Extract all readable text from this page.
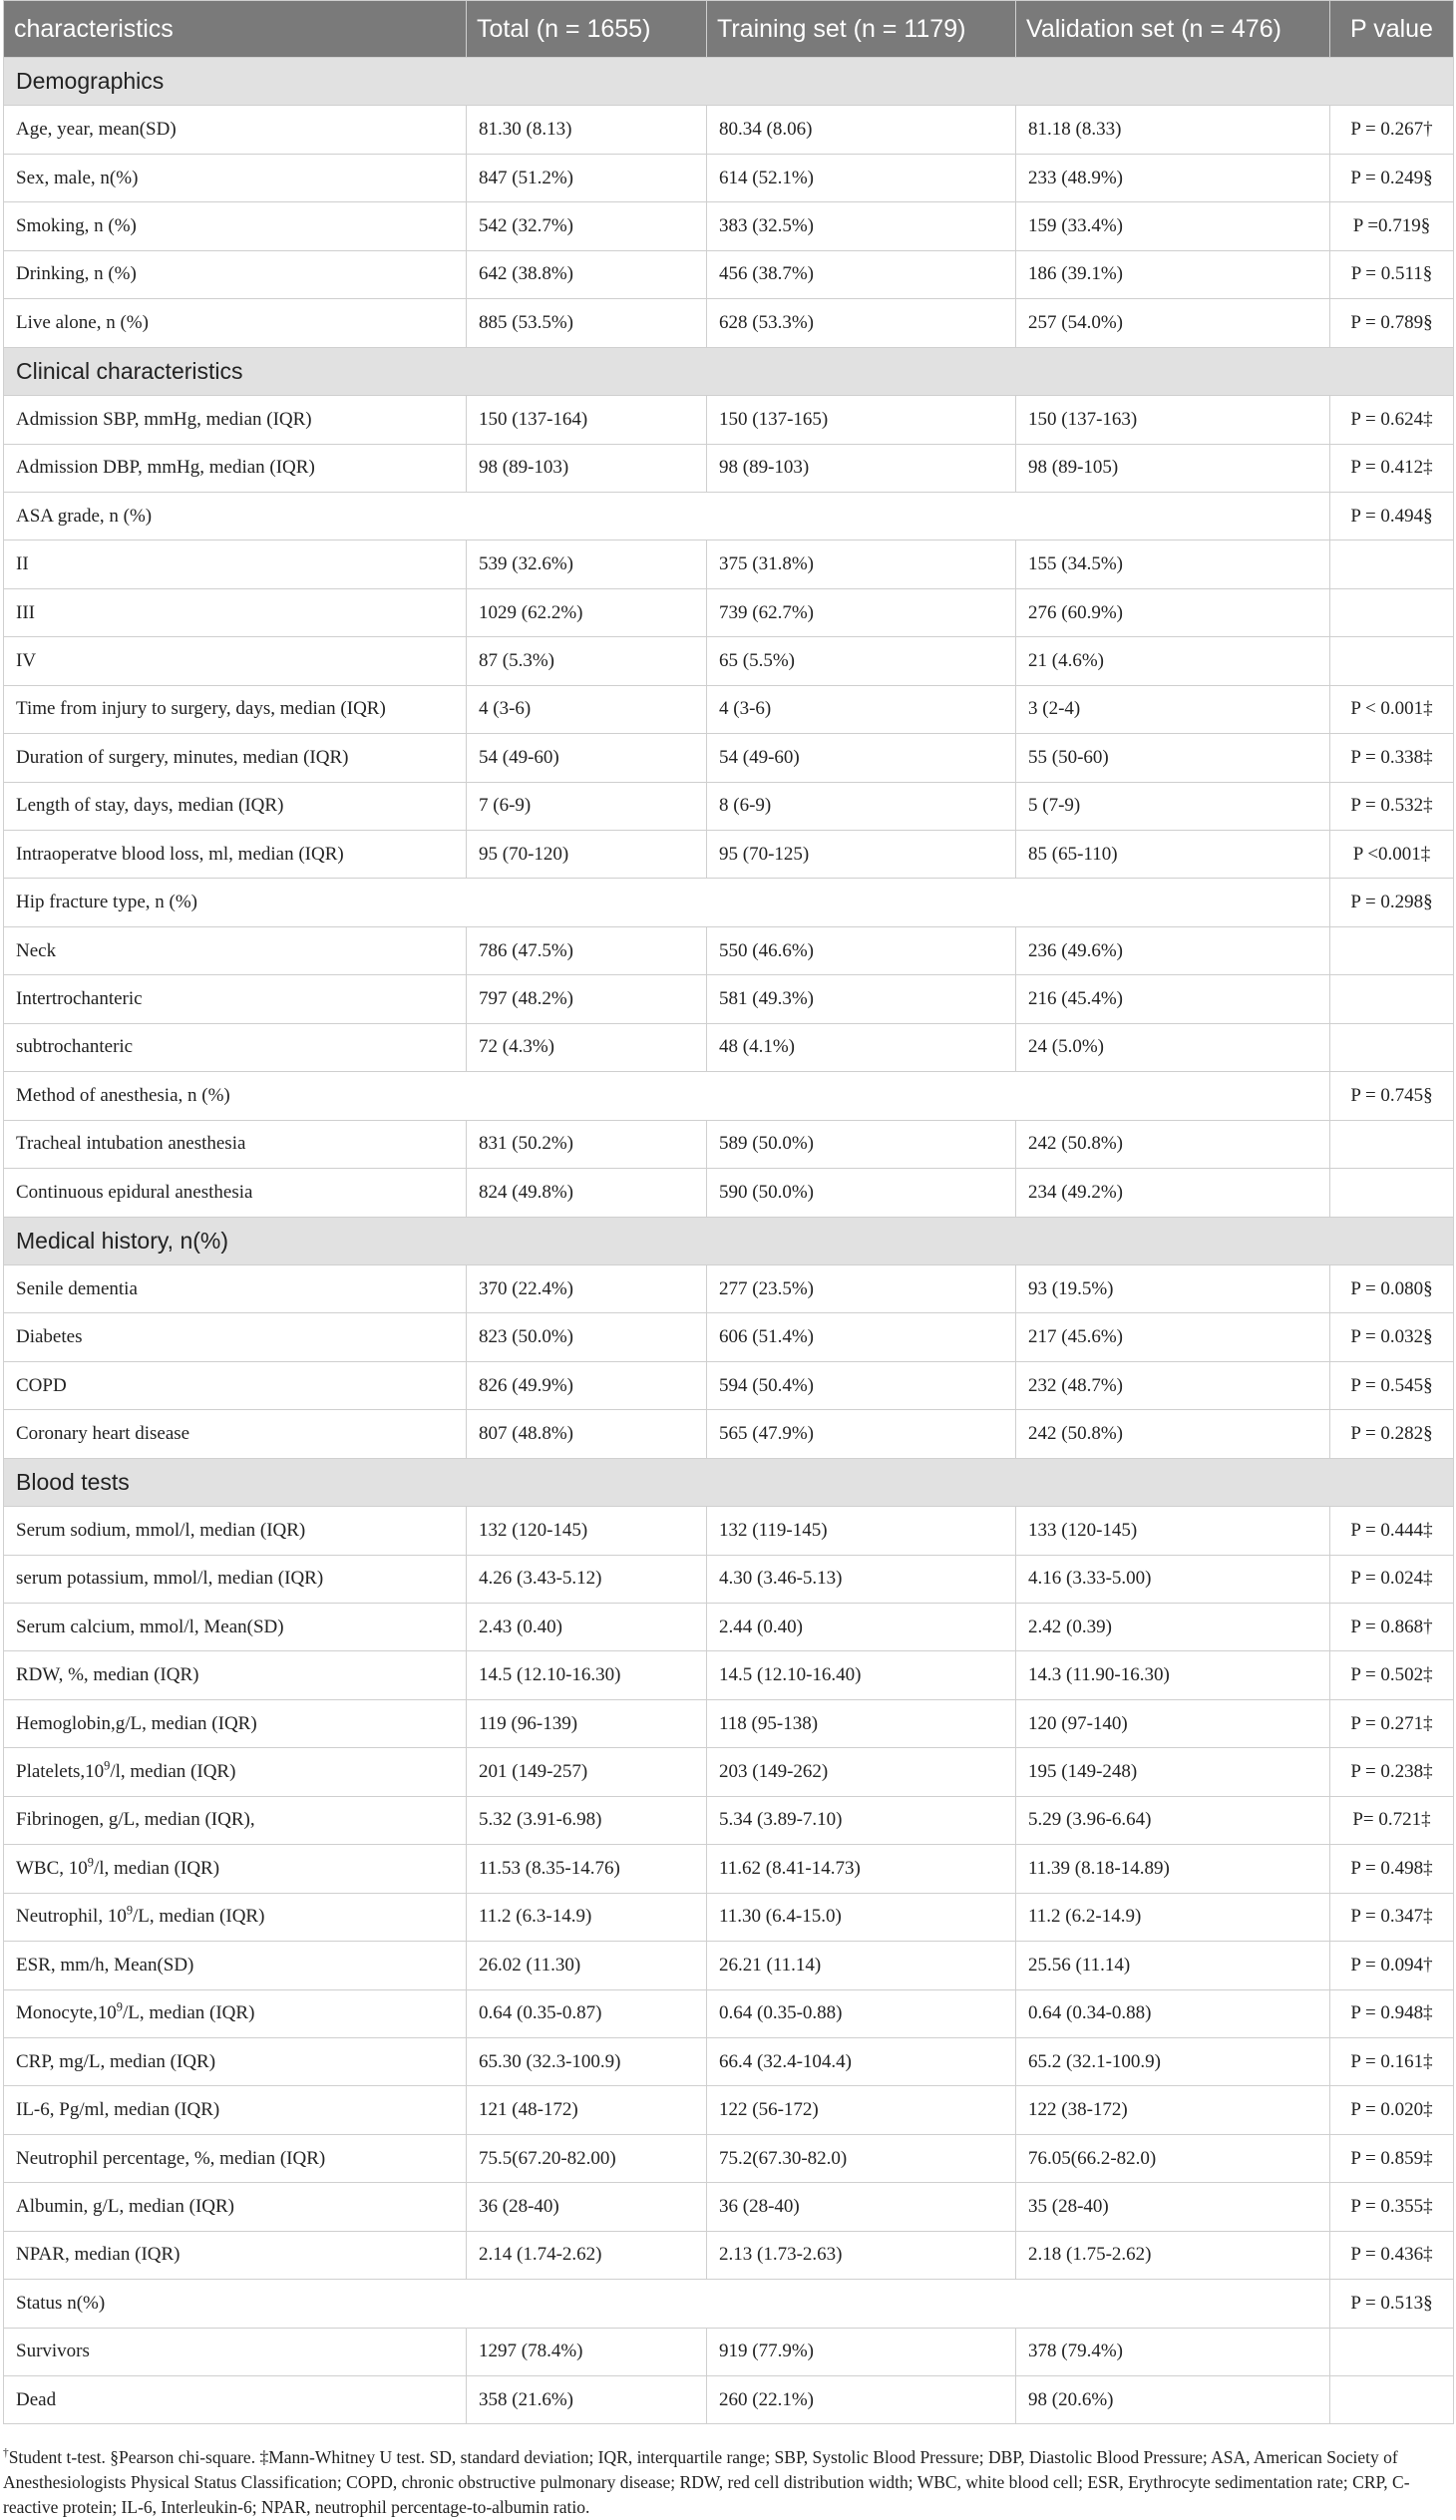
characteristics	Total (n = 1655)	Training set (n = 1179)	Validation set (n = 476)	P value
Demographics				
Age, year, mean(SD)	81.30 (8.13)	80.34 (8.06)	81.18 (8.33)	P = 0.267†
Sex, male, n(%)	847 (51.2%)	614 (52.1%)	233 (48.9%)	P = 0.249§
Smoking, n (%)	542 (32.7%)	383 (32.5%)	159 (33.4%)	P =0.719§
Drinking, n (%)	642 (38.8%)	456 (38.7%)	186 (39.1%)	P = 0.511§
Live alone, n (%)	885 (53.5%)	628 (53.3%)	257 (54.0%)	P = 0.789§
Clinical characteristics				
Admission SBP, mmHg, median (IQR)	150 (137-164)	150 (137-165)	150 (137-163)	P = 0.624‡
Admission DBP, mmHg, median (IQR)	98 (89-103)	98 (89-103)	98 (89-105)	P = 0.412‡
ASA grade, n (%)				P = 0.494§
II	539 (32.6%)	375 (31.8%)	155 (34.5%)	
III	1029 (62.2%)	739 (62.7%)	276 (60.9%)	
IV	87 (5.3%)	65 (5.5%)	21 (4.6%)	
Time from injury to surgery, days, median (IQR)	4 (3-6)	4 (3-6)	3 (2-4)	P < 0.001‡
Duration of surgery, minutes, median (IQR)	54 (49-60)	54 (49-60)	55 (50-60)	P = 0.338‡
Length of stay, days, median (IQR)	7 (6-9)	8 (6-9)	5 (7-9)	P = 0.532‡
Intraoperatve blood loss, ml, median (IQR)	95 (70-120)	95 (70-125)	85 (65-110)	P <0.001‡
Hip fracture type, n (%)				P = 0.298§
Neck	786 (47.5%)	550 (46.6%)	236 (49.6%)	
Intertrochanteric	797 (48.2%)	581 (49.3%)	216 (45.4%)	
subtrochanteric	72 (4.3%)	48 (4.1%)	24 (5.0%)	
Method of anesthesia, n (%)				P = 0.745§
Tracheal intubation anesthesia	831 (50.2%)	589 (50.0%)	242 (50.8%)	
Continuous epidural anesthesia	824 (49.8%)	590 (50.0%)	234 (49.2%)	
Medical history, n(%)				
Senile dementia	370 (22.4%)	277 (23.5%)	93 (19.5%)	P = 0.080§
Diabetes	823 (50.0%)	606 (51.4%)	217 (45.6%)	P = 0.032§
COPD	826 (49.9%)	594 (50.4%)	232 (48.7%)	P = 0.545§
Coronary heart disease	807 (48.8%)	565 (47.9%)	242 (50.8%)	P = 0.282§
Blood tests				
Serum sodium, mmol/l, median (IQR)	132 (120-145)	132 (119-145)	133 (120-145)	P = 0.444‡
serum potassium, mmol/l, median (IQR)	4.26 (3.43-5.12)	4.30 (3.46-5.13)	4.16 (3.33-5.00)	P = 0.024‡
Serum calcium, mmol/l, Mean(SD)	2.43 (0.40)	2.44 (0.40)	2.42 (0.39)	P = 0.868†
RDW, %, median (IQR)	14.5 (12.10-16.30)	14.5 (12.10-16.40)	14.3 (11.90-16.30)	P = 0.502‡
Hemoglobin,g/L, median (IQR)	119 (96-139)	118 (95-138)	120 (97-140)	P = 0.271‡
$Platelets,10^9/l$, median (IQR)	201 (149-257)	203 (149-262)	195 (149-248)	P = 0.238‡
Fibrinogen, g/L, median (IQR),	5.32 (3.91-6.98)	5.34 (3.89-7.10)	5.29 (3.96-6.64)	P= 0.721‡
WBC, $10^9/l$, median (IQR)	11.53 (8.35-14.76)	11.62 (8.41-14.73)	11.39 (8.18-14.89)	P = 0.498‡
Neutrophil, $10^9/L$, median (IQR)	11.2 (6.3-14.9)	11.30 (6.4-15.0)	11.2 (6.2-14.9)	P = 0.347‡
ESR, mm/h, Mean(SD)	26.02 (11.30)	26.21 (11.14)	25.56 (11.14)	P = 0.094†
$Monocyte,10^9/L$, median (IQR)	0.64 (0.35-0.87)	0.64 (0.35-0.88)	0.64 (0.34-0.88)	P = 0.948‡
CRP, mg/L, median (IQR)	65.30 (32.3-100.9)	66.4 (32.4-104.4)	65.2 (32.1-100.9)	P = 0.161‡
IL-6, Pg/ml, median (IQR)	121 (48-172)	122 (56-172)	122 (38-172)	P = 0.020‡
Neutrophil percentage, %, median (IQR)	75.5(67.20-82.00)	75.2(67.30-82.0)	76.05(66.2-82.0)	P = 0.859‡
Albumin, g/L, median (IQR)	36 (28-40)	36 (28-40)	35 (28-40)	P = 0.355‡
NPAR, median (IQR)	2.14 (1.74-2.62)	2.13 (1.73-2.63)	2.18 (1.75-2.62)	P = 0.436‡
Status n(%)				P = 0.513§
Survivors	1297 (78.4%)	919 (77.9%)	378 (79.4%)	
Dead	358 (21.6%)	260 (22.1%)	98 (20.6%)	
†Student t-test. §Pearson chi-square. ‡Mann-Whitney U test. SD, standard deviation; IQR, interquartile range; SBP, Systolic Blood Pressure; DBP, Diastolic Blood Pressure; ASA, American Society of Anesthesiologists Physical Status Classification; COPD, chronic obstructive pulmonary disease; RDW, red cell distribution width; WBC, white blood cell; ESR, Erythrocyte sedimentation rate; CRP, C-reactive protein; IL-6, Interleukin-6; NPAR, neutrophil percentage-to-albumin ratio.
